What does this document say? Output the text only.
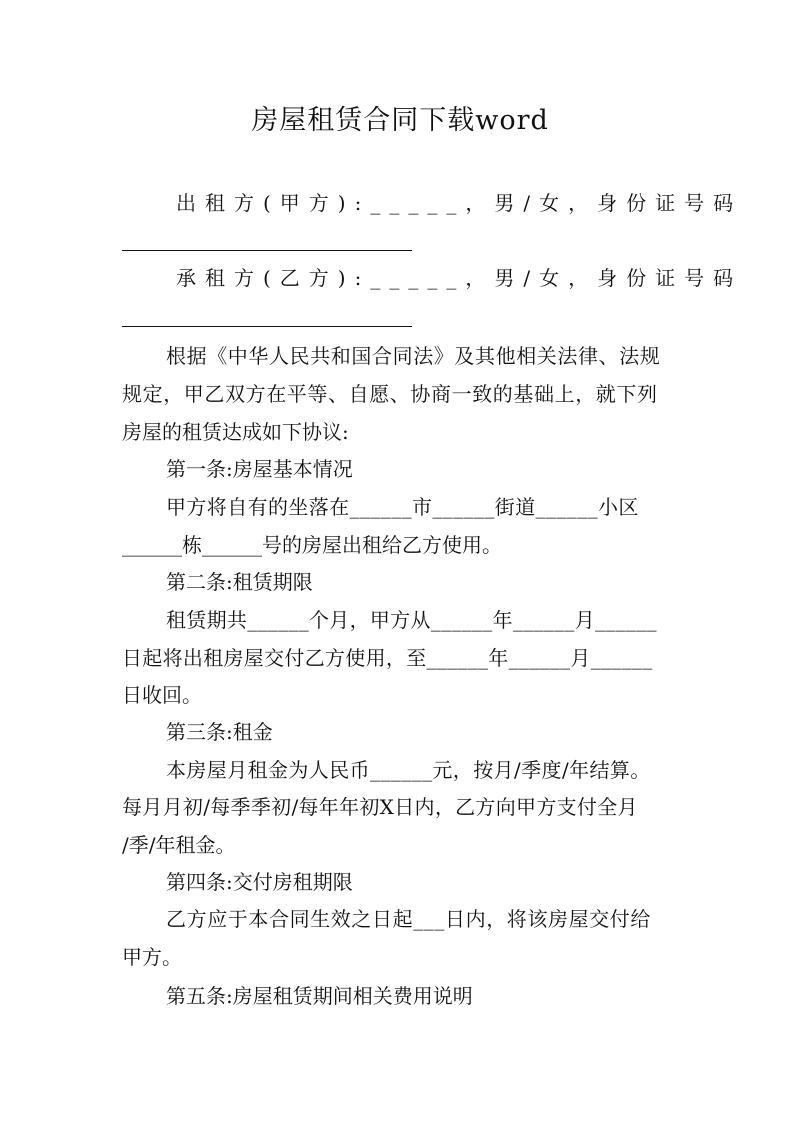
房屋租赁合同下载word
出租方(甲方):_____，男/女，身份证号码
承租方(乙方):_____，男/女，身份证号码
根据《中华人民共和国合同法》及其他相关法律、法规
规定，甲乙双方在平等、自愿、协商一致的基础上，就下列
房屋的租赁达成如下协议:
第一条:房屋基本情况
甲方将自有的坐落在______市______街道______小区
______栋______号的房屋出租给乙方使用。
第二条:租赁期限
租赁期共______个月，甲方从______年______月______
日起将出租房屋交付乙方使用，至______年______月______
日收回。
第三条:租金
本房屋月租金为人民币______元，按月/季度/年结算。
每月月初/每季季初/每年年初X日内，乙方向甲方支付全月
/季/年租金。
第四条:交付房租期限
乙方应于本合同生效之日起___日内，将该房屋交付给
甲方。
第五条:房屋租赁期间相关费用说明
